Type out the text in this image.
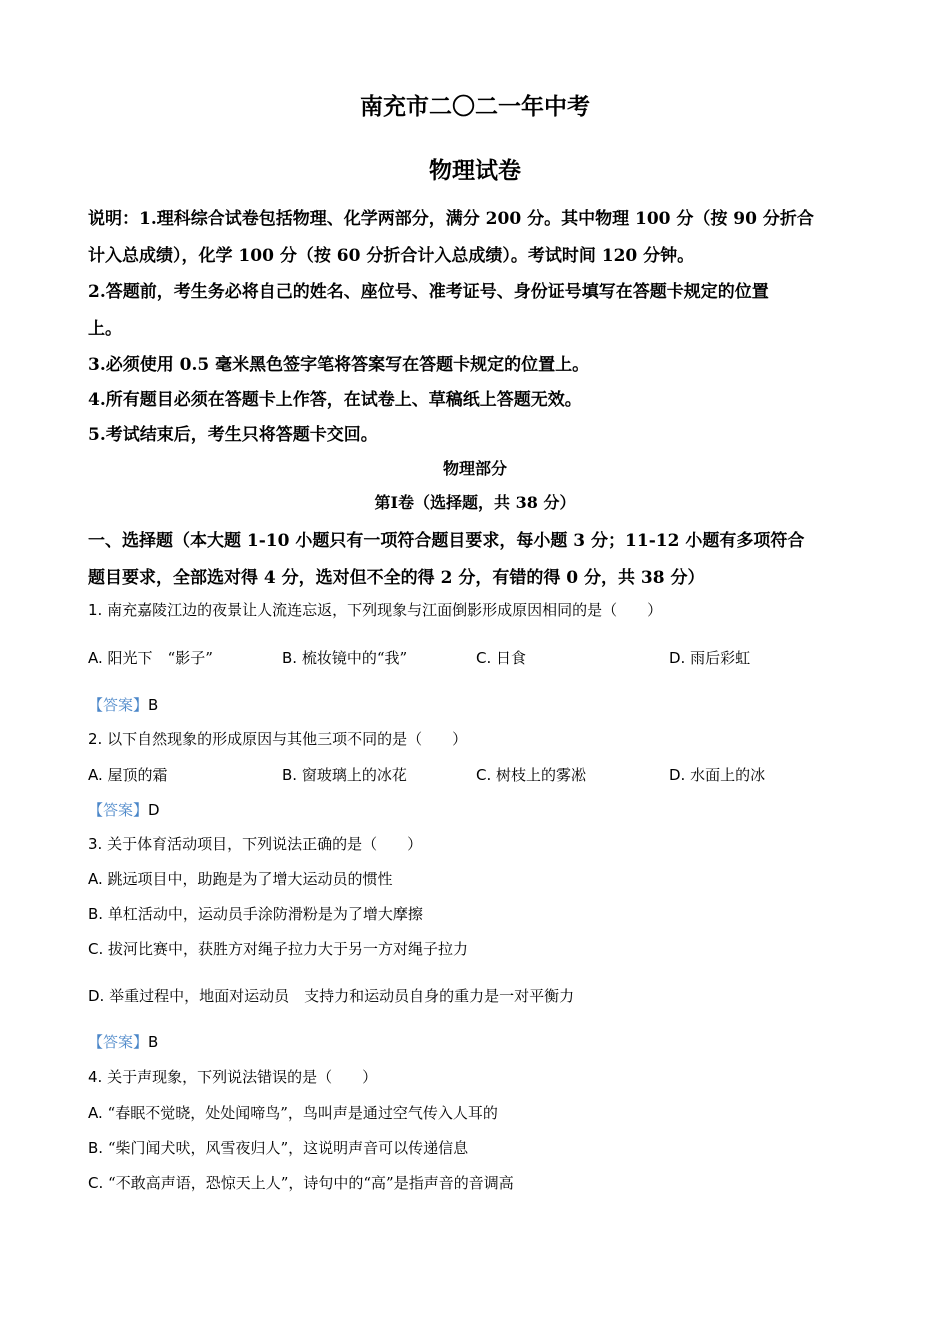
南充市二〇二一年中考
物理试卷
说明：1.理科综合试卷包括物理、化学两部分，满分 200 分。其中物理 100 分（按 90 分折合
计入总成绩），化学 100 分（按 60 分折合计入总成绩）。考试时间 120 分钟。
2.答题前，考生务必将自己的姓名、座位号、准考证号、身份证号填写在答题卡规定的位置
上。
3.必须使用 0.5 毫米黑色签字笔将答案写在答题卡规定的位置上。
4.所有题目必须在答题卡上作答，在试卷上、草稿纸上答题无效。
5.考试结束后，考生只将答题卡交回。
物理部分
第Ⅰ卷（选择题，共 38 分）
一、选择题（本大题 1-10 小题只有一项符合题目要求，每小题 3 分；11-12 小题有多项符合
题目要求，全部选对得 4 分，选对但不全的得 2 分，有错的得 0 分，共 38 分）
1. 南充嘉陵江边的夜景让人流连忘返，下列现象与江面倒影形成原因相同的是（　　）
A. 阳光下　“影子”	B. 梳妆镜中的“我”	C. 日食	D. 雨后彩虹
【答案】B
2. 以下自然现象的形成原因与其他三项不同的是（　　）
A. 屋顶的霜	B. 窗玻璃上的冰花	C. 树枝上的雾凇	D. 水面上的冰
【答案】D
3. 关于体育活动项目，下列说法正确的是（　　）
A. 跳远项目中，助跑是为了增大运动员的惯性
B. 单杠活动中，运动员手涂防滑粉是为了增大摩擦
C. 拔河比赛中，获胜方对绳子拉力大于另一方对绳子拉力
D. 举重过程中，地面对运动员　支持力和运动员自身的重力是一对平衡力
【答案】B
4. 关于声现象，下列说法错误的是（　　）
A. “春眠不觉晓，处处闻啼鸟”，鸟叫声是通过空气传入人耳的
B. “柴门闻犬吠，风雪夜归人”，这说明声音可以传递信息
C. “不敢高声语，恐惊天上人”，诗句中的“高”是指声音的音调高
